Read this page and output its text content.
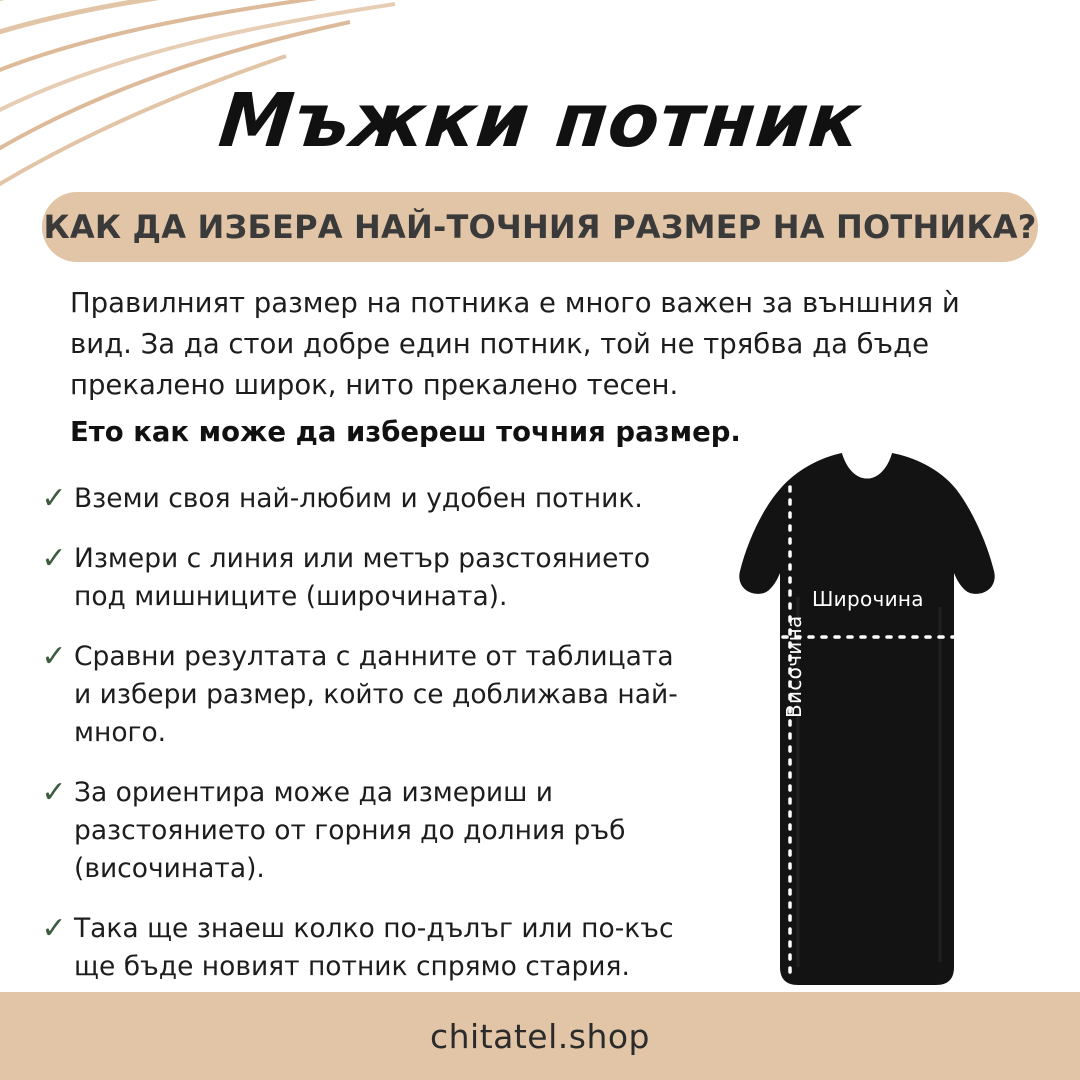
Мъжки потник
КАК ДА ИЗБЕРА НАЙ-ТОЧНИЯ РАЗМЕР НА ПОТНИКА?

Правилният размер на потника е много важен за външния ѝ вид. За да стои добре един потник, той не трябва да бъде прекалено широк, нито прекалено тесен.

Ето как може да избереш точния размер.

✓ Вземи своя най-любим и удобен потник.
✓ Измери с линия или метър разстоянието под мишниците (широчината).
✓ Сравни резултата с данните от таблицата и избери размер, който се доближава най-много.
✓ За ориентира може да измериш и разстоянието от горния до долния ръб (височината).
✓ Така ще знаеш колко по-дълъг или по-къс ще бъде новият потник спрямо стария.
Широчина
Височина
chitatel.shop
